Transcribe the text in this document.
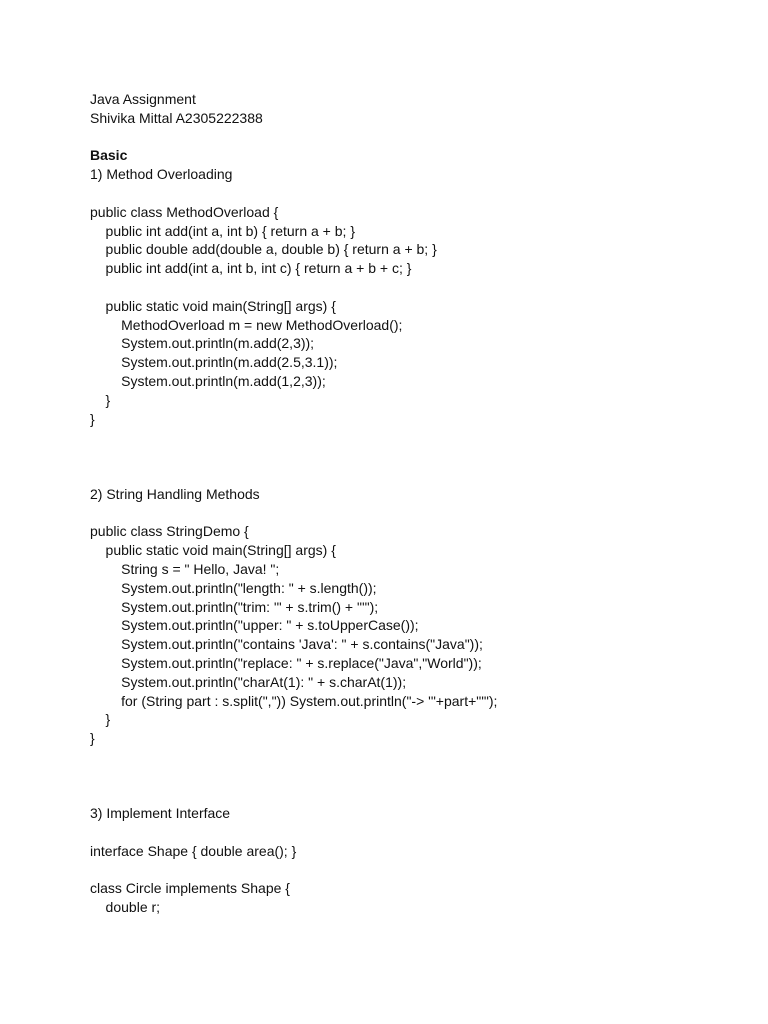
Java Assignment
Shivika Mittal A2305222388
Basic
1) Method Overloading
public class MethodOverload {
public int add(int a, int b) { return a + b; }
public double add(double a, double b) { return a + b; }
public int add(int a, int b, int c) { return a + b + c; }
public static void main(String[] args) {
MethodOverload m = new MethodOverload();
System.out.println(m.add(2,3));
System.out.println(m.add(2.5,3.1));
System.out.println(m.add(1,2,3));
}
}
2) String Handling Methods
public class StringDemo {
public static void main(String[] args) {
String s = " Hello, Java! ";
System.out.println("length: " + s.length());
System.out.println("trim: '" + s.trim() + "'");
System.out.println("upper: " + s.toUpperCase());
System.out.println("contains 'Java': " + s.contains("Java"));
System.out.println("replace: " + s.replace("Java","World"));
System.out.println("charAt(1): " + s.charAt(1));
for (String part : s.split(",")) System.out.println("-> '"+part+"'");
}
}
3) Implement Interface
interface Shape { double area(); }
class Circle implements Shape {
double r;
